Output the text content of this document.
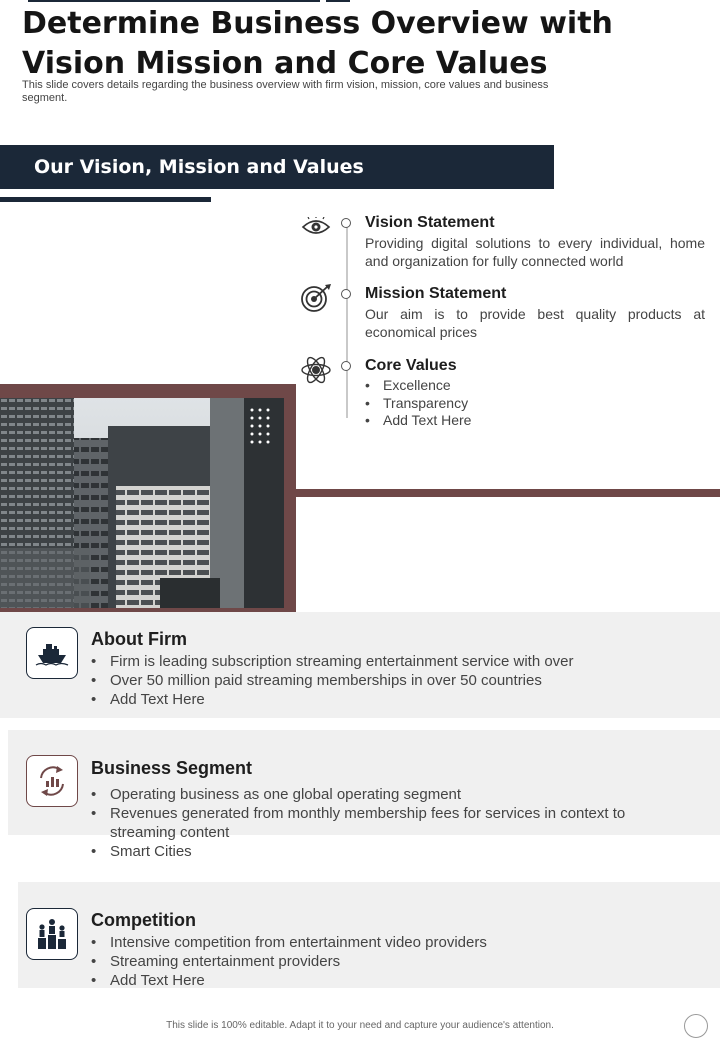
Determine Business Overview with Vision Mission and Core Values
This slide covers details regarding the business overview with firm vision, mission, core values and business segment.
Our Vision, Mission and Values
Vision Statement
Providing digital solutions to every individual, home and organization for fully connected world
Mission Statement
Our aim is to provide best quality products at economical prices
Core Values
• Excellence
• Transparency
• Add Text Here
About Firm
• Firm is leading subscription streaming entertainment service with over
• Over 50 million paid streaming memberships in over 50 countries
• Add Text Here
Business Segment
• Operating business as one global operating segment
• Revenues generated from monthly membership fees for services in context to streaming content
• Smart Cities
Competition
• Intensive competition from entertainment video providers
• Streaming entertainment providers
• Add Text Here
This slide is 100% editable. Adapt it to your need and capture your audience's attention.
